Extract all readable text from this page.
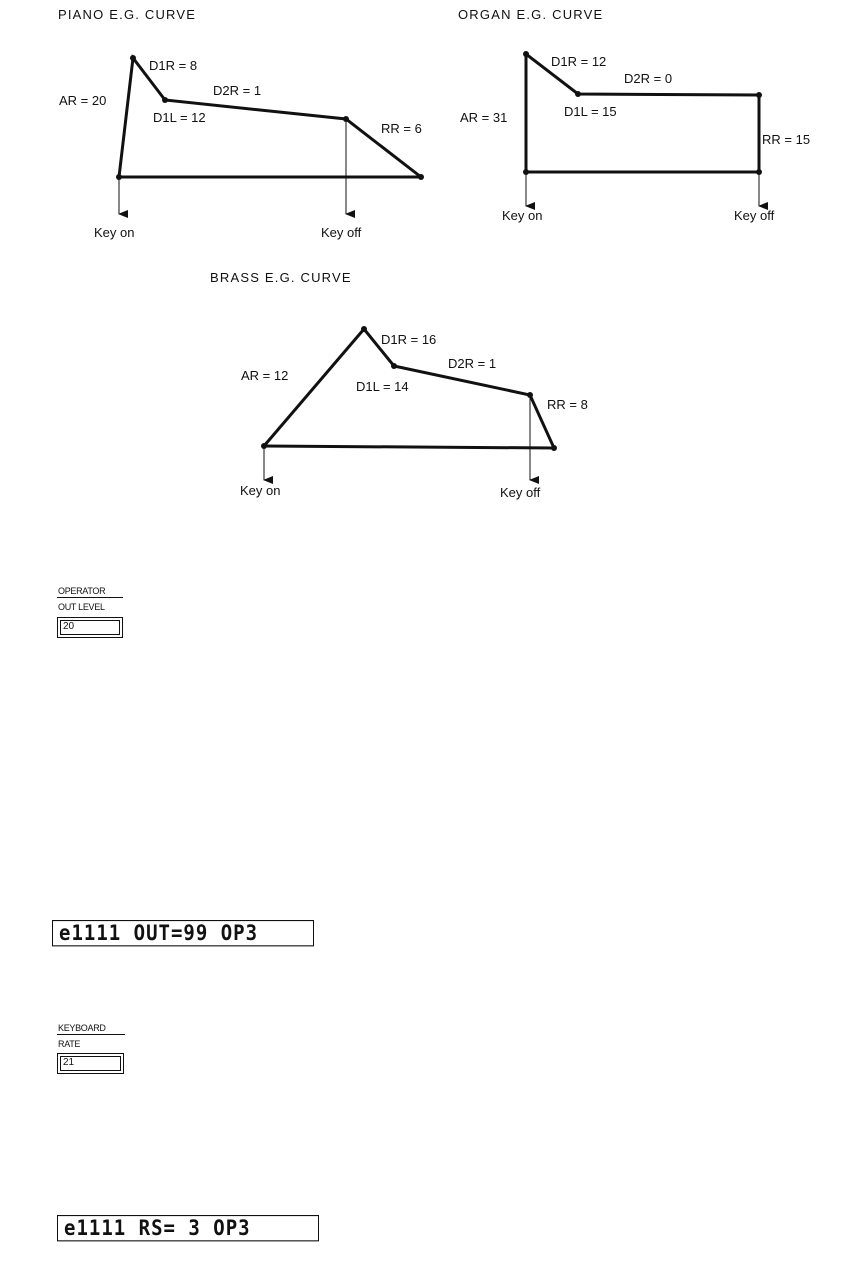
PIANO E.G. CURVE	ORGAN E.G. CURVE
BRASS E.G. CURVE
AR = 20
D1R = 8
D2R = 1
D1L = 12
RR = 6
Key on	Key off
AR = 31
D1R = 12
D2R = 0
D1L = 15
RR = 15
Key on	Key off
AR = 12
D1R = 16
D2R = 1
D1L = 14
RR = 8
Key on	Key off
OPERATOR
OUT LEVEL
20
e1111 OUT=99 OP3
KEYBOARD
RATE
21
e1111 RS= 3 OP3
